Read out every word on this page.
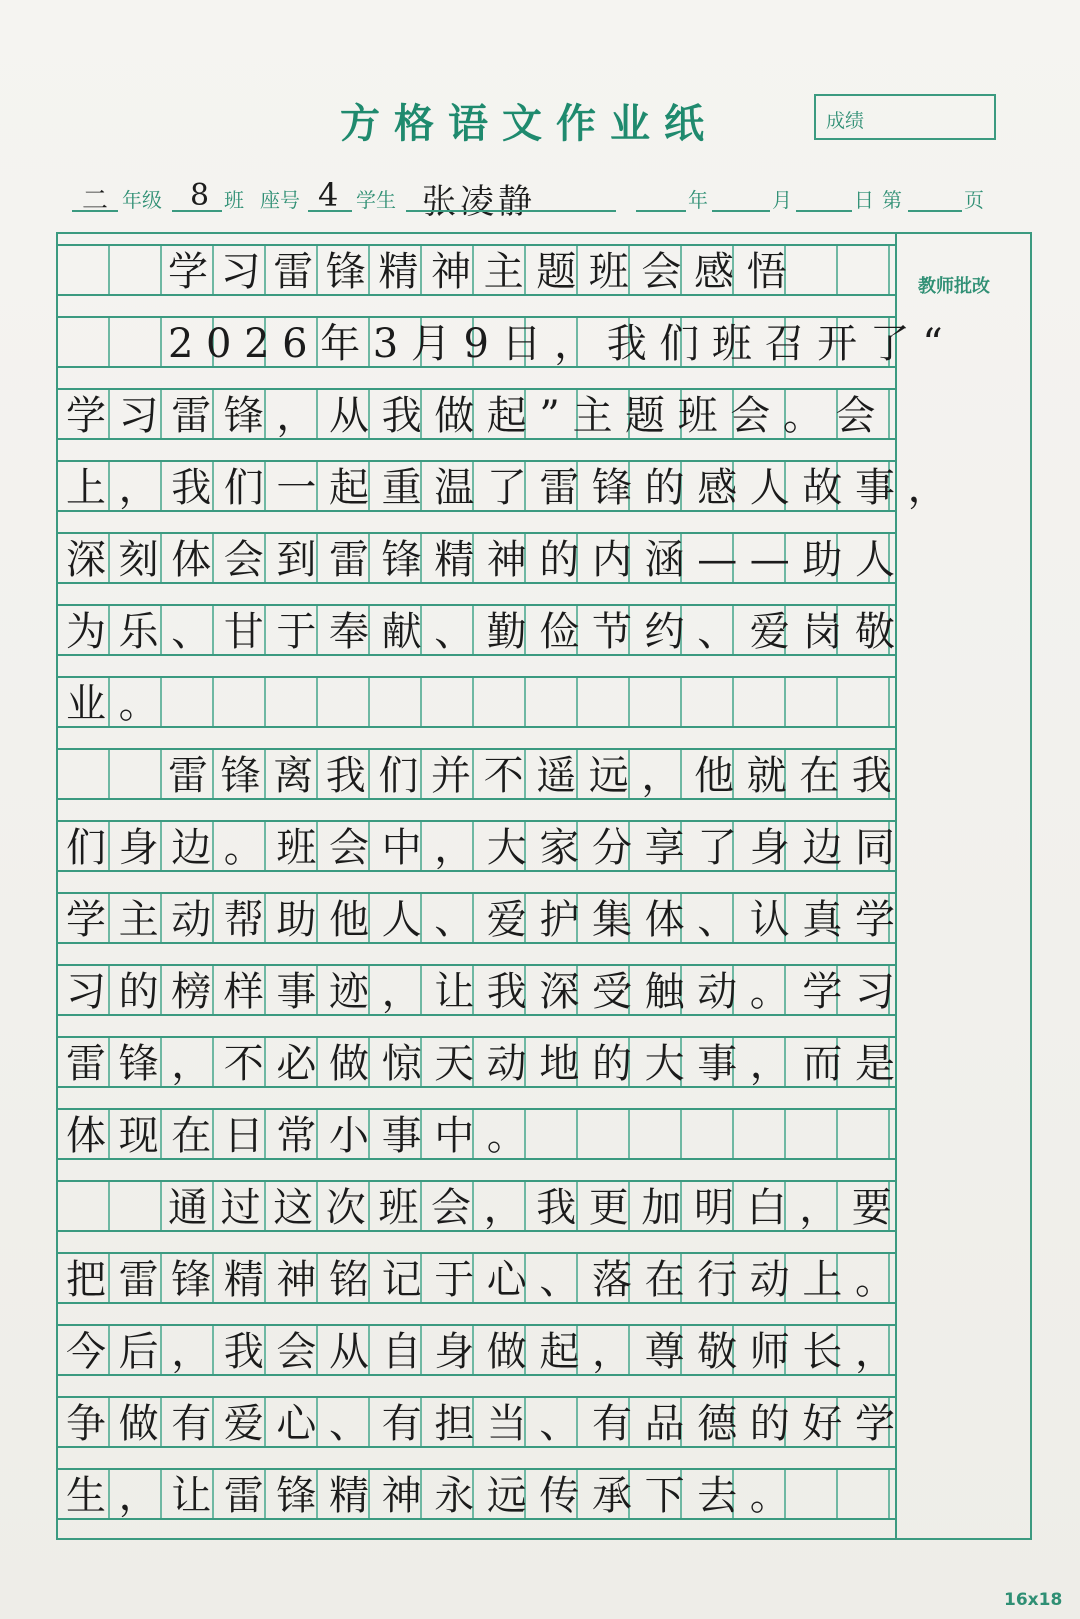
方格语文作业纸	成绩
二 年级 8 班 座号 4 学生 张凌静	年	月	日 第	页
教师批改
学习雷锋精神主题班会感悟
2026年3月9日，我们班召开了“
学习雷锋，从我做起”主题班会。会
上，我们一起重温了雷锋的感人故事，
深刻体会到雷锋精神的内涵——助人
为乐、甘于奉献、勤俭节约、爱岗敬
业。
雷锋离我们并不遥远，他就在我
们身边。班会中，大家分享了身边同
学主动帮助他人、爱护集体、认真学
习的榜样事迹，让我深受触动。学习
雷锋，不必做惊天动地的大事，而是
体现在日常小事中。
通过这次班会，我更加明白，要
把雷锋精神铭记于心、落在行动上。
今后，我会从自身做起，尊敬师长，
争做有爱心、有担当、有品德的好学
生，让雷锋精神永远传承下去。
16x18
